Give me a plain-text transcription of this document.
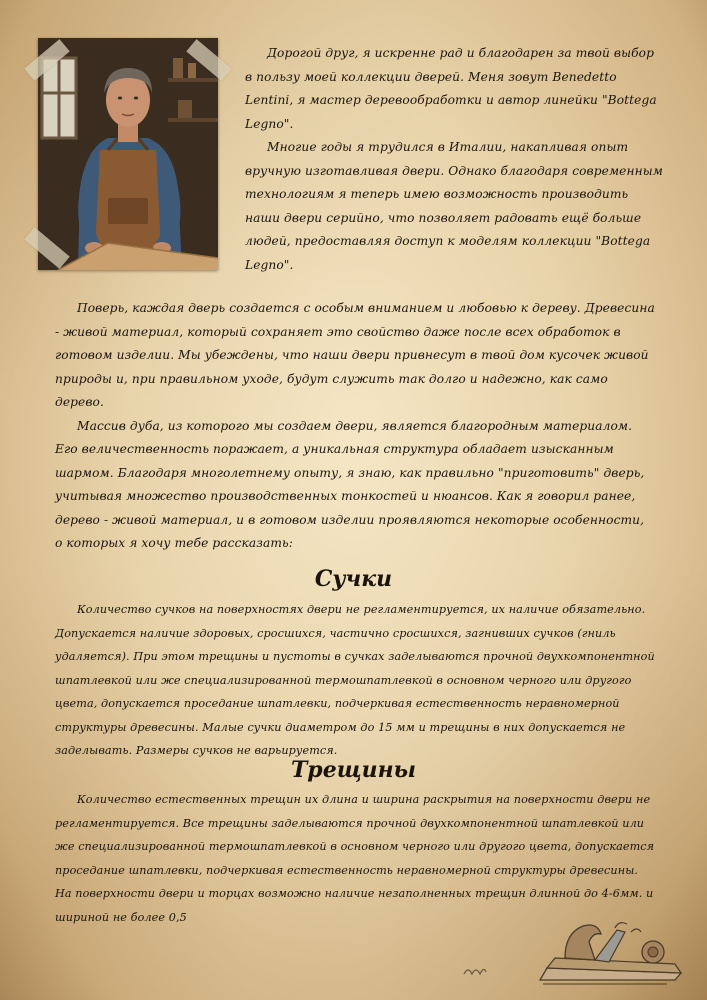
Дорогой друг, я искренне рад и благодарен за твой выбор в пользу моей коллекции дверей. Меня зовут Benedetto Lentini, я мастер деревообработки и автор линейки "Bottega Legno".

Многие годы я трудился в Италии, накапливая опыт вручную изготавливая двери. Однако благодаря современным технологиям я теперь имею возможность производить наши двери серийно, что позволяет радовать ещё больше людей, предоставляя доступ к моделям коллекции "Bottega Legno".

Поверь, каждая дверь создается с особым вниманием и любовью к дереву. Древесина - живой материал, который сохраняет это свойство даже после всех обработок в готовом изделии. Мы убеждены, что наши двери привнесут в твой дом кусочек живой природы и, при правильном уходе, будут служить так долго и надежно, как само дерево.

Массив дуба, из которого мы создаем двери, является благородным материалом. Его величественность поражает, а уникальная структура обладает изысканным шармом. Благодаря многолетнему опыту, я знаю, как правильно "приготовить" дверь, учитывая множество производственных тонкостей и нюансов. Как я говорил ранее, дерево - живой материал, и в готовом изделии проявляются некоторые особенности, о которых я хочу тебе рассказать:

Сучки

Количество сучков на поверхностях двери не регламентируется, их наличие обязательно. Допускается наличие здоровых, сросшихся, частично сросшихся, загнивших сучков (гниль удаляется). При этом трещины и пустоты в сучках заделываются прочной двухкомпонентной шпатлевкой или же специализированной термошпатлевкой в основном черного или другого цвета, допускается проседание шпатлевки, подчеркивая естественность неравномерной структуры древесины. Малые сучки диаметром до 15 мм и трещины в них допускается не заделывать. Размеры сучков не варьируется.

Трещины

Количество естественных трещин их длина и ширина раскрытия на поверхности двери не регламентируется. Все трещины заделываются прочной двухкомпонентной шпатлевкой или же специализированной термошпатлевкой в основном черного или другого цвета, допускается проседание шпатлевки, подчеркивая естественность неравномерной структуры древесины. На поверхности двери и торцах возможно наличие незаполненных трещин длинной до 4-6мм. и шириной не более 0,5
